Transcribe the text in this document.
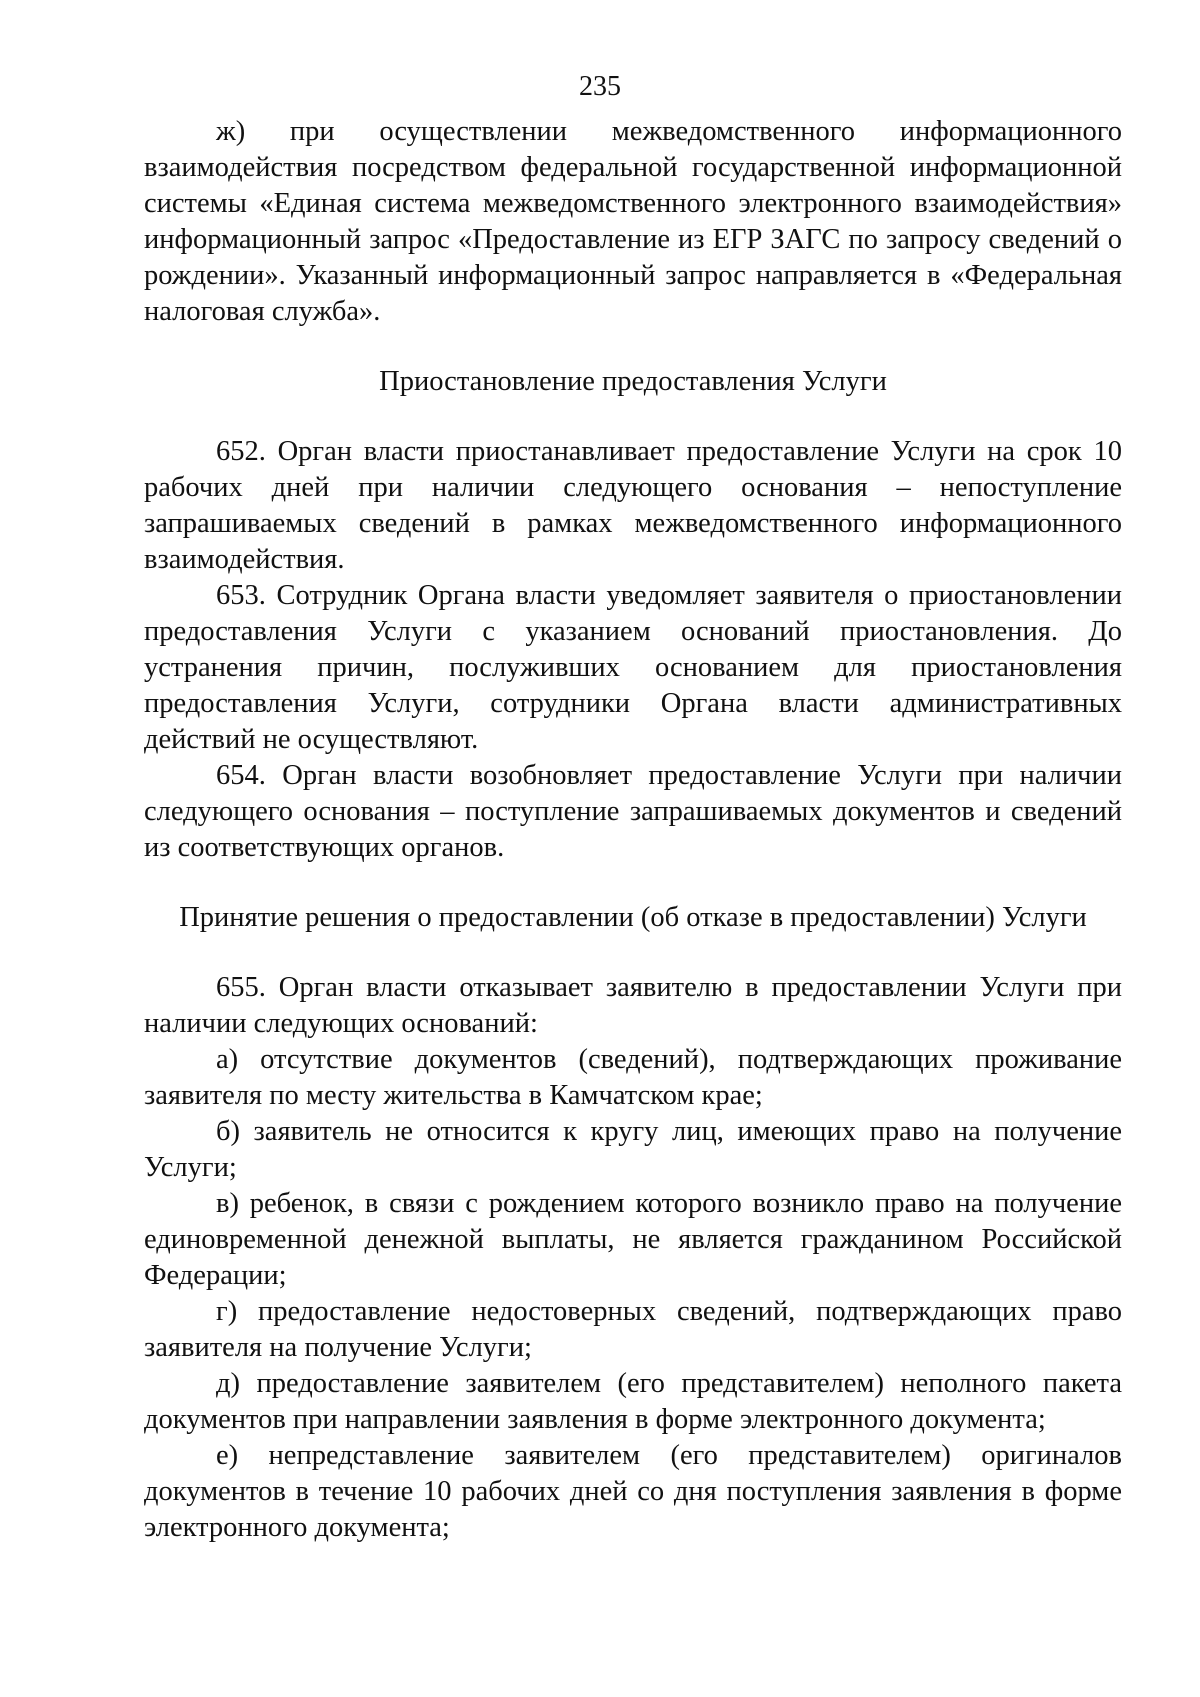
235

ж) при осуществлении межведомственного информационного взаимодействия посредством федеральной государственной информационной системы «Единая система межведомственного электронного взаимодействия» информационный запрос «Предоставление из ЕГР ЗАГС по запросу сведений о рождении». Указанный информационный запрос направляется в «Федеральная налоговая служба».

Приостановление предоставления Услуги

652. Орган власти приостанавливает предоставление Услуги на срок 10 рабочих дней при наличии следующего основания – непоступление запрашиваемых сведений в рамках межведомственного информационного взаимодействия.

653. Сотрудник Органа власти уведомляет заявителя о приостановлении предоставления Услуги с указанием оснований приостановления. До устранения причин, послуживших основанием для приостановления предоставления Услуги, сотрудники Органа власти административных действий не осуществляют.

654. Орган власти возобновляет предоставление Услуги при наличии следующего основания – поступление запрашиваемых документов и сведений из соответствующих органов.

Принятие решения о предоставлении (об отказе в предоставлении) Услуги

655. Орган власти отказывает заявителю в предоставлении Услуги при наличии следующих оснований:

а) отсутствие документов (сведений), подтверждающих проживание заявителя по месту жительства в Камчатском крае;

б) заявитель не относится к кругу лиц, имеющих право на получение Услуги;

в) ребенок, в связи с рождением которого возникло право на получение единовременной денежной выплаты, не является гражданином Российской Федерации;

г) предоставление недостоверных сведений, подтверждающих право заявителя на получение Услуги;

д) предоставление заявителем (его представителем) неполного пакета документов при направлении заявления в форме электронного документа;

е) непредставление заявителем (его представителем) оригиналов документов в течение 10 рабочих дней со дня поступления заявления в форме электронного документа;
